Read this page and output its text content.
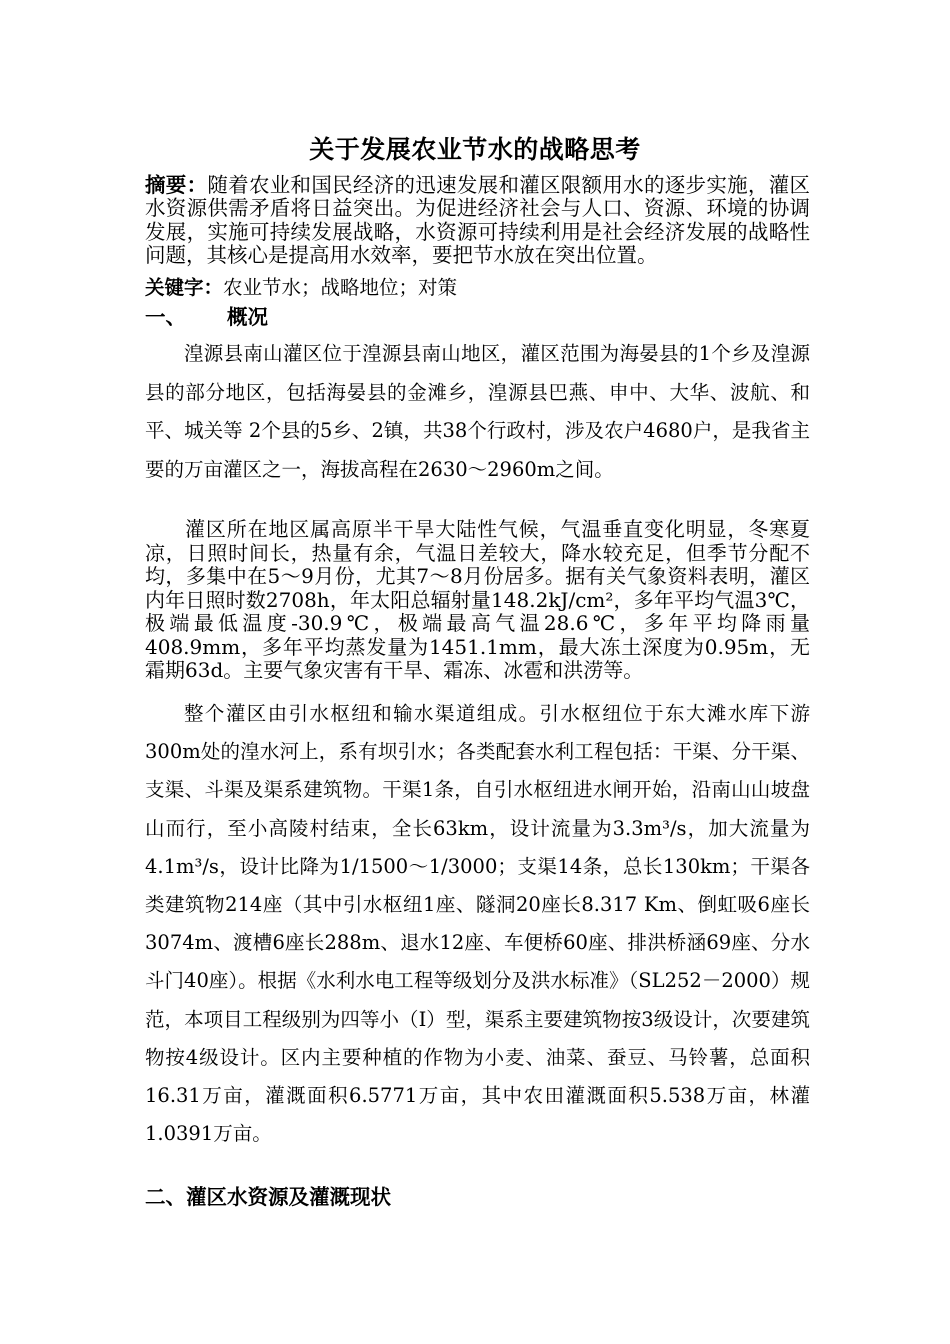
关于发展农业节水的战略思考
摘要：随着农业和国民经济的迅速发展和灌区限额用水的逐步实施，灌区水资源供需矛盾将日益突出。为促进经济社会与人口、资源、环境的协调发展，实施可持续发展战略，水资源可持续利用是社会经济发展的战略性问题，其核心是提高用水效率，要把节水放在突出位置。
关键字：农业节水；战略地位；对策
一、 概况

湟源县南山灌区位于湟源县南山地区，灌区范围为海晏县的1个乡及湟源县的部分地区，包括海晏县的金滩乡，湟源县巴燕、申中、大华、波航、和平、城关等 2个县的5乡、2镇，共38个行政村，涉及农户4680户，是我省主要的万亩灌区之一，海拔高程在2630～2960m之间。

灌区所在地区属高原半干旱大陆性气候，气温垂直变化明显，冬寒夏凉，日照时间长，热量有余，气温日差较大，降水较充足，但季节分配不均，多集中在5～9月份，尤其7～8月份居多。据有关气象资料表明，灌区内年日照时数2708h，年太阳总辐射量148.2kJ/cm²，多年平均气温3℃，极端最低温度-30.9℃，极端最高气温28.6℃，多年平均降雨量408.9mm，多年平均蒸发量为1451.1mm，最大冻土深度为0.95m，无霜期63d。主要气象灾害有干旱、霜冻、冰雹和洪涝等。

整个灌区由引水枢纽和输水渠道组成。引水枢纽位于东大滩水库下游300m处的湟水河上，系有坝引水；各类配套水利工程包括：干渠、分干渠、支渠、斗渠及渠系建筑物。干渠1条，自引水枢纽进水闸开始，沿南山山坡盘山而行，至小高陵村结束，全长63km，设计流量为3.3m³/s，加大流量为4.1m³/s，设计比降为1/1500～1/3000；支渠14条，总长130km；干渠各类建筑物214座（其中引水枢纽1座、隧洞20座长8.317 Km、倒虹吸6座长3074m、渡槽6座长288m、退水12座、车便桥60座、排洪桥涵69座、分水斗门40座）。根据《水利水电工程等级划分及洪水标准》（SL252－2000）规范，本项目工程级别为四等小（Ⅰ）型，渠系主要建筑物按3级设计，次要建筑物按4级设计。区内主要种植的作物为小麦、油菜、蚕豆、马铃薯，总面积16.31万亩，灌溉面积6.5771万亩，其中农田灌溉面积5.538万亩，林灌1.0391万亩。

二、灌区水资源及灌溉现状
